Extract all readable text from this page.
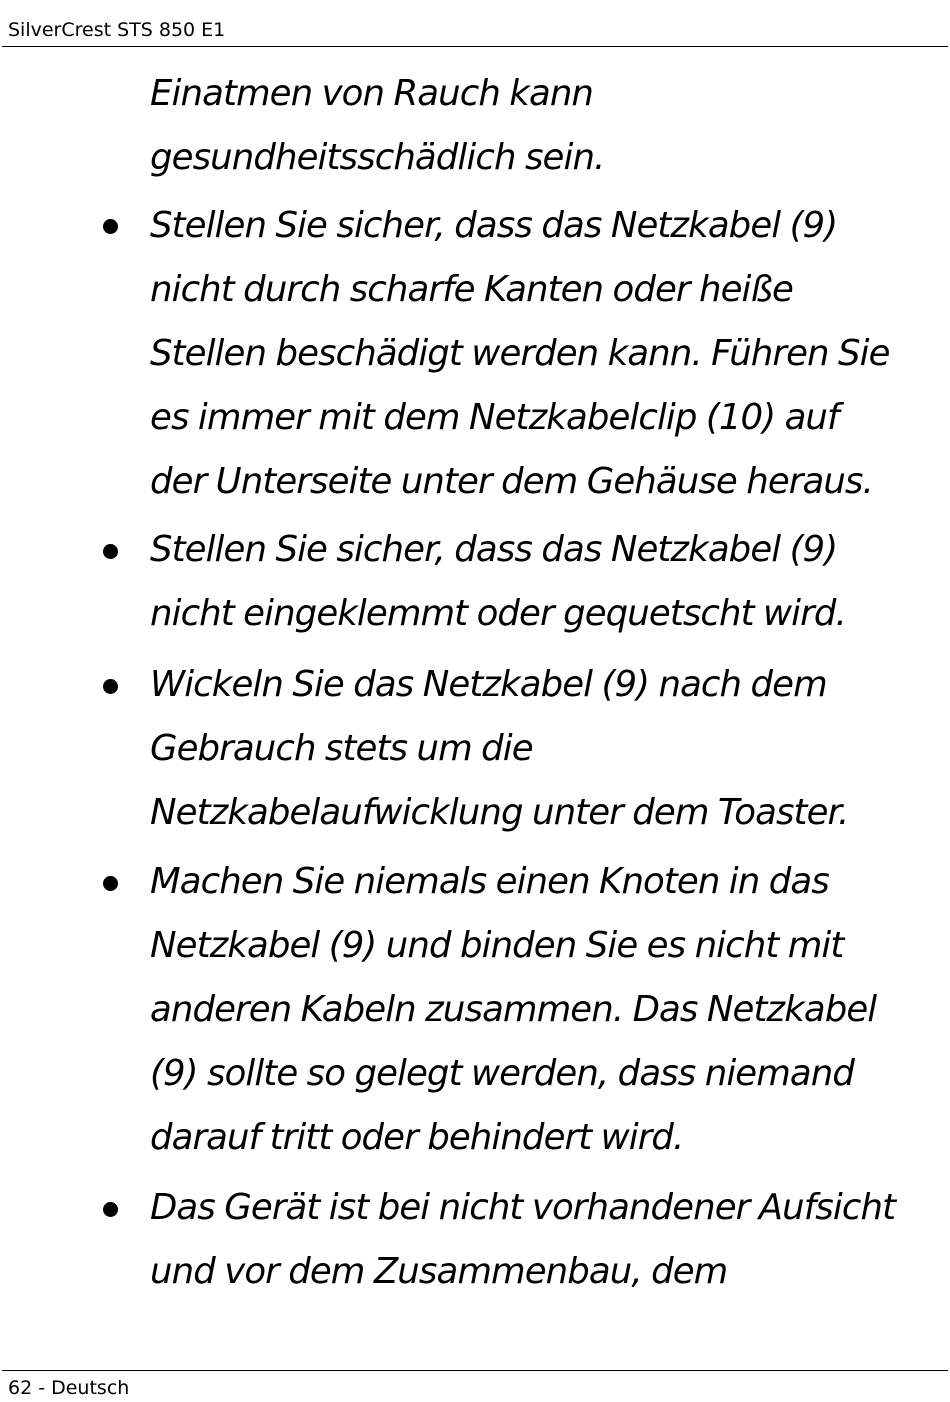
SilverCrest STS 850 E1
Einatmen von Rauch kann
gesundheitsschädlich sein.
Stellen Sie sicher, dass das Netzkabel (9)
nicht durch scharfe Kanten oder heiße
Stellen beschädigt werden kann. Führen Sie
es immer mit dem Netzkabelclip (10) auf
der Unterseite unter dem Gehäuse heraus.
Stellen Sie sicher, dass das Netzkabel (9)
nicht eingeklemmt oder gequetscht wird.
Wickeln Sie das Netzkabel (9) nach dem
Gebrauch stets um die
Netzkabelaufwicklung unter dem Toaster.
Machen Sie niemals einen Knoten in das
Netzkabel (9) und binden Sie es nicht mit
anderen Kabeln zusammen. Das Netzkabel
(9) sollte so gelegt werden, dass niemand
darauf tritt oder behindert wird.
Das Gerät ist bei nicht vorhandener Aufsicht
und vor dem Zusammenbau, dem
62 - Deutsch
